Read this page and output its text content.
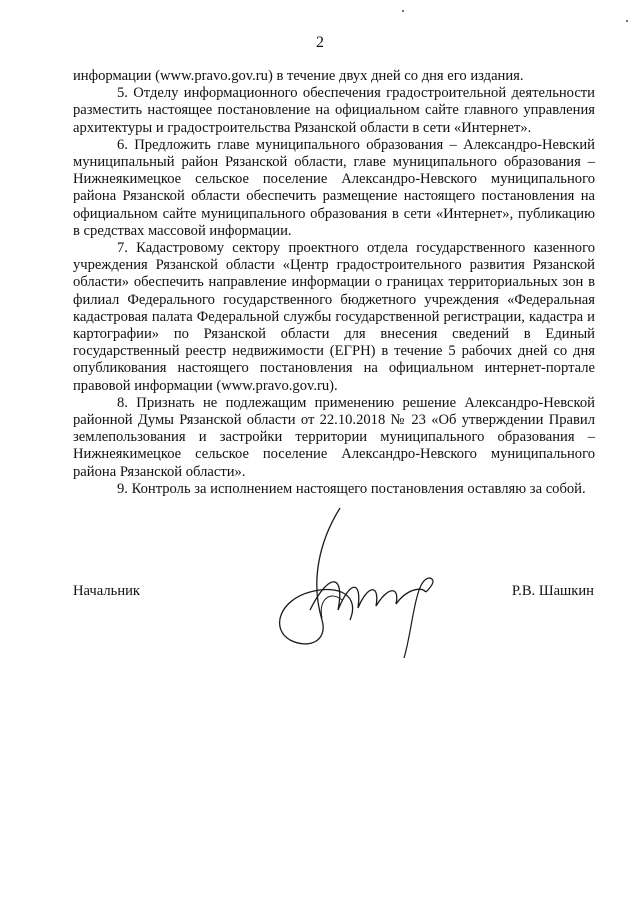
2

информации (www.pravo.gov.ru) в течение двух дней со дня его издания.

5. Отделу информационного обеспечения градостроительной деятельности разместить настоящее постановление на официальном сайте главного управления архитектуры и градостроительства Рязанской области в сети «Интернет».

6. Предложить главе муниципального образования – Александро-Невский муниципальный район Рязанской области, главе муниципального образования – Нижнеякимецкое сельское поселение Александро-Невского муниципального района Рязанской области обеспечить размещение настоящего постановления на официальном сайте муниципального образования в сети «Интернет», публикацию в средствах массовой информации.

7. Кадастровому сектору проектного отдела государственного казенного учреждения Рязанской области «Центр градостроительного развития Рязанской области» обеспечить направление информации о границах территориальных зон в филиал Федерального государственного бюджетного учреждения «Федеральная кадастровая палата Федеральной службы государственной регистрации, кадастра и картографии» по Рязанской области для внесения сведений в Единый государственный реестр недвижимости (ЕГРН) в течение 5 рабочих дней со дня опубликования настоящего постановления на официальном интернет-портале правовой информации (www.pravo.gov.ru).

8. Признать не подлежащим применению решение Александро-Невской районной Думы Рязанской области от 22.10.2018 № 23 «Об утверждении Правил землепользования и застройки территории муниципального образования – Нижнеякимецкое сельское поселение Александро-Невского муниципального района Рязанской области».

9. Контроль за исполнением настоящего постановления оставляю за собой.

Начальник	Р.В. Шашкин
